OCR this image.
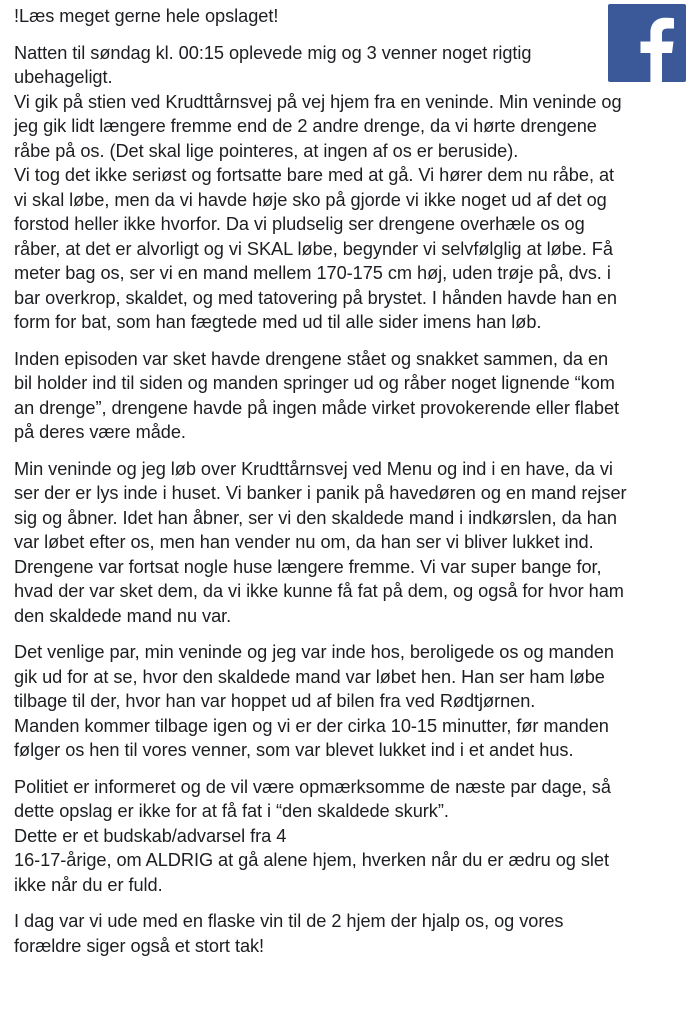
!Læs meget gerne hele opslaget!
Natten til søndag kl. 00:15 oplevede mig og 3 venner noget rigtig
ubehageligt.
Vi gik på stien ved Krudttårnsvej på vej hjem fra en veninde. Min veninde og
jeg gik lidt længere fremme end de 2 andre drenge, da vi hørte drengene
råbe på os. (Det skal lige pointeres, at ingen af os er beruside).
Vi tog det ikke seriøst og fortsatte bare med at gå. Vi hører dem nu råbe, at
vi skal løbe, men da vi havde høje sko på gjorde vi ikke noget ud af det og
forstod heller ikke hvorfor. Da vi pludselig ser drengene overhæle os og
råber, at det er alvorligt og vi SKAL løbe, begynder vi selvfølglig at løbe. Få
meter bag os, ser vi en mand mellem 170-175 cm høj, uden trøje på, dvs. i
bar overkrop, skaldet, og med tatovering på brystet. I hånden havde han en
form for bat, som han fægtede med ud til alle sider imens han løb.
Inden episoden var sket havde drengene stået og snakket sammen, da en
bil holder ind til siden og manden springer ud og råber noget lignende “kom
an drenge”, drengene havde på ingen måde virket provokerende eller flabet
på deres være måde.
Min veninde og jeg løb over Krudttårnsvej ved Menu og ind i en have, da vi
ser der er lys inde i huset. Vi banker i panik på havedøren og en mand rejser
sig og åbner. Idet han åbner, ser vi den skaldede mand i indkørslen, da han
var løbet efter os, men han vender nu om, da han ser vi bliver lukket ind.
Drengene var fortsat nogle huse længere fremme. Vi var super bange for,
hvad der var sket dem, da vi ikke kunne få fat på dem, og også for hvor ham
den skaldede mand nu var.
Det venlige par, min veninde og jeg var inde hos, beroligede os og manden
gik ud for at se, hvor den skaldede mand var løbet hen. Han ser ham løbe
tilbage til der, hvor han var hoppet ud af bilen fra ved Rødtjørnen.
Manden kommer tilbage igen og vi er der cirka 10-15 minutter, før manden
følger os hen til vores venner, som var blevet lukket ind i et andet hus.
Politiet er informeret og de vil være opmærksomme de næste par dage, så
dette opslag er ikke for at få fat i “den skaldede skurk”.
Dette er et budskab/advarsel fra 4
16-17-årige, om ALDRIG at gå alene hjem, hverken når du er ædru og slet
ikke når du er fuld.
I dag var vi ude med en flaske vin til de 2 hjem der hjalp os, og vores
forældre siger også et stort tak!
